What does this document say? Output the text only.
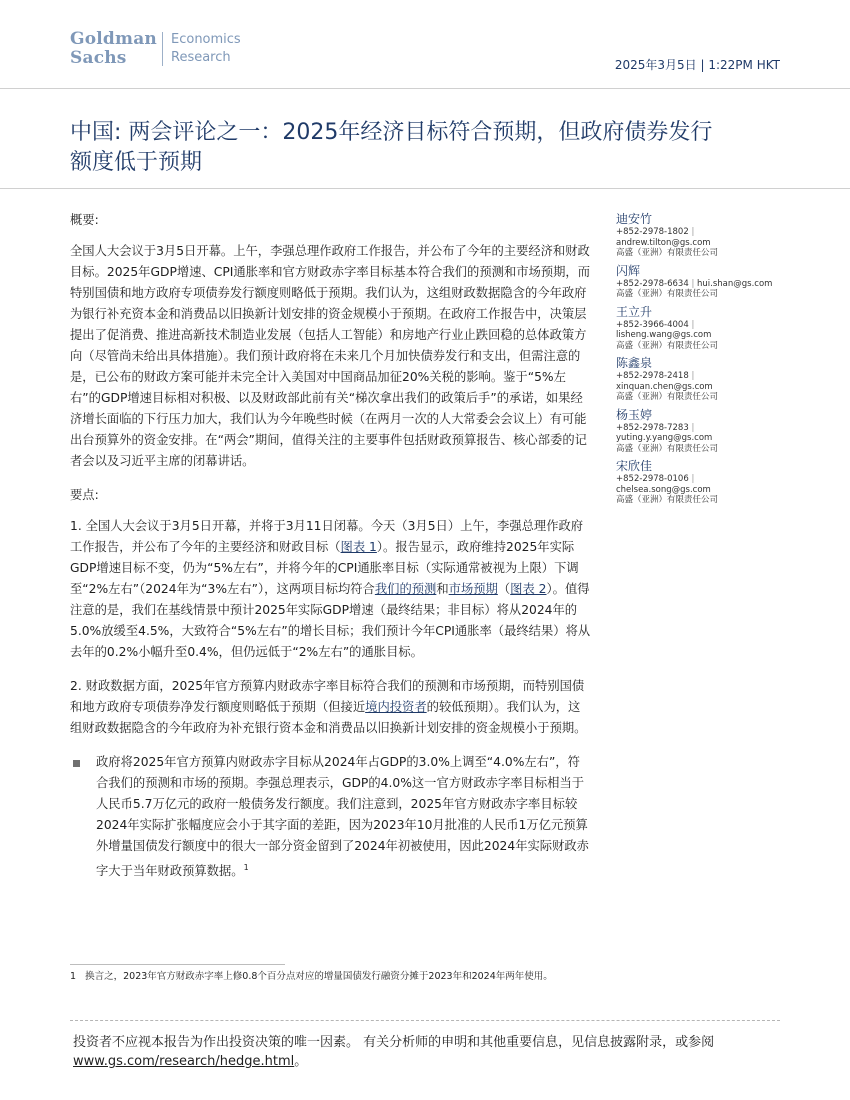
Goldman
Sachs
Economics
Research	2025年3月5日 | 1:22PM HKT
中国: 两会评论之一：2025年经济目标符合预期，但政府债券发行额度低于预期

概要:

全国人大会议于3月5日开幕。上午，李强总理作政府工作报告，并公布了今年的主要经济和财政目标。2025年GDP增速、CPI通胀率和官方财政赤字率目标基本符合我们的预测和市场预期，而特别国债和地方政府专项债券发行额度则略低于预期。我们认为，这组财政数据隐含的今年政府为银行补充资本金和消费品以旧换新计划安排的资金规模小于预期。在政府工作报告中，决策层提出了促消费、推进高新技术制造业发展（包括人工智能）和房地产行业止跌回稳的总体政策方向（尽管尚未给出具体措施）。我们预计政府将在未来几个月加快债券发行和支出，但需注意的是，已公布的财政方案可能并未完全计入美国对中国商品加征20%关税的影响。鉴于“5%左右”的GDP增速目标相对积极、以及财政部此前有关“梯次拿出我们的政策后手”的承诺，如果经济增长面临的下行压力加大，我们认为今年晚些时候（在两月一次的人大常委会会议上）有可能出台预算外的资金安排。在“两会”期间，值得关注的主要事件包括财政预算报告、核心部委的记者会以及习近平主席的闭幕讲话。

要点:

1. 全国人大会议于3月5日开幕，并将于3月11日闭幕。今天（3月5日）上午，李强总理作政府工作报告，并公布了今年的主要经济和财政目标（图表 1）。报告显示，政府维持2025年实际GDP增速目标不变，仍为“5%左右”，并将今年的CPI通胀率目标（实际通常被视为上限）下调至“2%左右”（2024年为“3%左右”），这两项目标均符合我们的预测和市场预期（图表 2）。值得注意的是，我们在基线情景中预计2025年实际GDP增速（最终结果；非目标）将从2024年的5.0%放缓至4.5%，大致符合“5%左右”的增长目标；我们预计今年CPI通胀率（最终结果）将从去年的0.2%小幅升至0.4%，但仍远低于“2%左右”的通胀目标。

2. 财政数据方面，2025年官方预算内财政赤字率目标符合我们的预测和市场预期，而特别国债和地方政府专项债券净发行额度则略低于预期（但接近境内投资者的较低预期）。我们认为，这组财政数据隐含的今年政府为补充银行资本金和消费品以旧换新计划安排的资金规模小于预期。

政府将2025年官方预算内财政赤字目标从2024年占GDP的3.0%上调至“4.0%左右”，符合我们的预测和市场的预期。李强总理表示，GDP的4.0%这一官方财政赤字率目标相当于人民币5.7万亿元的政府一般债务发行额度。我们注意到，2025年官方财政赤字率目标较2024年实际扩张幅度应会小于其字面的差距，因为2023年10月批准的人民币1万亿元预算外增量国债发行额度中的很大一部分资金留到了2024年初被使用，因此2024年实际财政赤字大于当年财政预算数据。$^1$
1 换言之，2023年官方财政赤字率上修0.8个百分点对应的增量国债发行融资分摊于2023年和2024年两年使用。
迪安竹
+852-2978-1802 |
andrew.tilton@gs.com
高盛（亚洲）有限责任公司
闪辉
+852-2978-6634 | hui.shan@gs.com
高盛（亚洲）有限责任公司
王立升
+852-3966-4004 |
lisheng.wang@gs.com
高盛（亚洲）有限责任公司
陈鑫泉
+852-2978-2418 |
xinquan.chen@gs.com
高盛（亚洲）有限责任公司
杨玉婷
+852-2978-7283 |
yuting.y.yang@gs.com
高盛（亚洲）有限责任公司
宋欣佳
+852-2978-0106 |
chelsea.song@gs.com
高盛（亚洲）有限责任公司
投资者不应视本报告为作出投资决策的唯一因素。 有关分析师的申明和其他重要信息，见信息披露附录，或参阅www.gs.com/research/hedge.html。
